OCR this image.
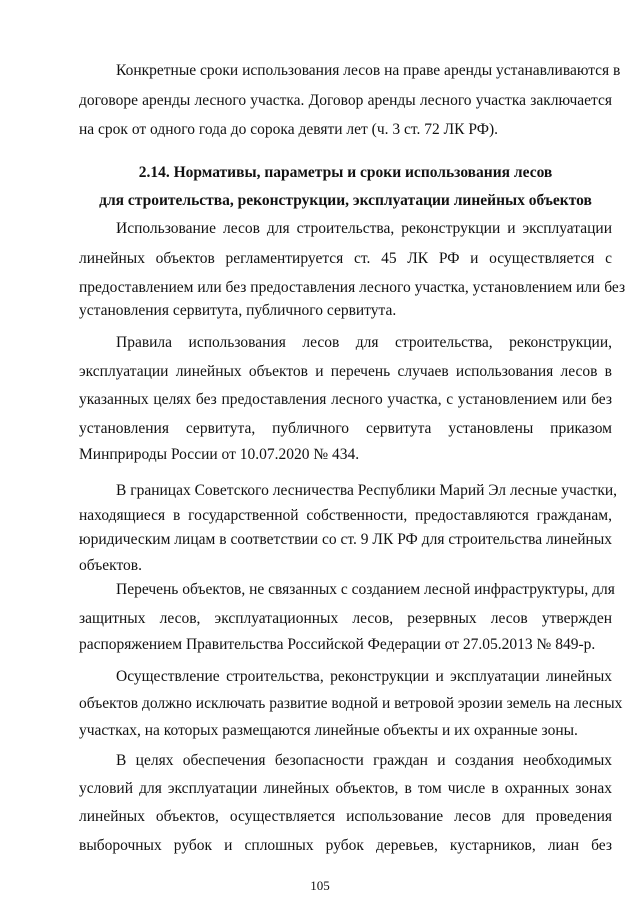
Конкретные сроки использования лесов на праве аренды устанавливаются в
договоре аренды лесного участка. Договор аренды лесного участка заключается
на срок от одного года до сорока девяти лет (ч. 3 ст. 72 ЛК РФ).
2.14. Нормативы, параметры и сроки использования лесов
для строительства, реконструкции, эксплуатации линейных объектов
Использование лесов для строительства, реконструкции и эксплуатации
линейных объектов регламентируется ст. 45 ЛК РФ и осуществляется с
предоставлением или без предоставления лесного участка, установлением или без
установления сервитута, публичного сервитута.
Правила использования лесов для строительства, реконструкции,
эксплуатации линейных объектов и перечень случаев использования лесов в
указанных целях без предоставления лесного участка, с установлением или без
установления сервитута, публичного сервитута установлены приказом
Минприроды России от 10.07.2020 № 434.
В границах Советского лесничества Республики Марий Эл лесные участки,
находящиеся в государственной собственности, предоставляются гражданам,
юридическим лицам в соответствии со ст. 9 ЛК РФ для строительства линейных
объектов.
Перечень объектов, не связанных с созданием лесной инфраструктуры, для
защитных лесов, эксплуатационных лесов, резервных лесов утвержден
распоряжением Правительства Российской Федерации от 27.05.2013 № 849-р.
Осуществление строительства, реконструкции и эксплуатации линейных
объектов должно исключать развитие водной и ветровой эрозии земель на лесных
участках, на которых размещаются линейные объекты и их охранные зоны.
В целях обеспечения безопасности граждан и создания необходимых
условий для эксплуатации линейных объектов, в том числе в охранных зонах
линейных объектов, осуществляется использование лесов для проведения
выборочных рубок и сплошных рубок деревьев, кустарников, лиан без
105
